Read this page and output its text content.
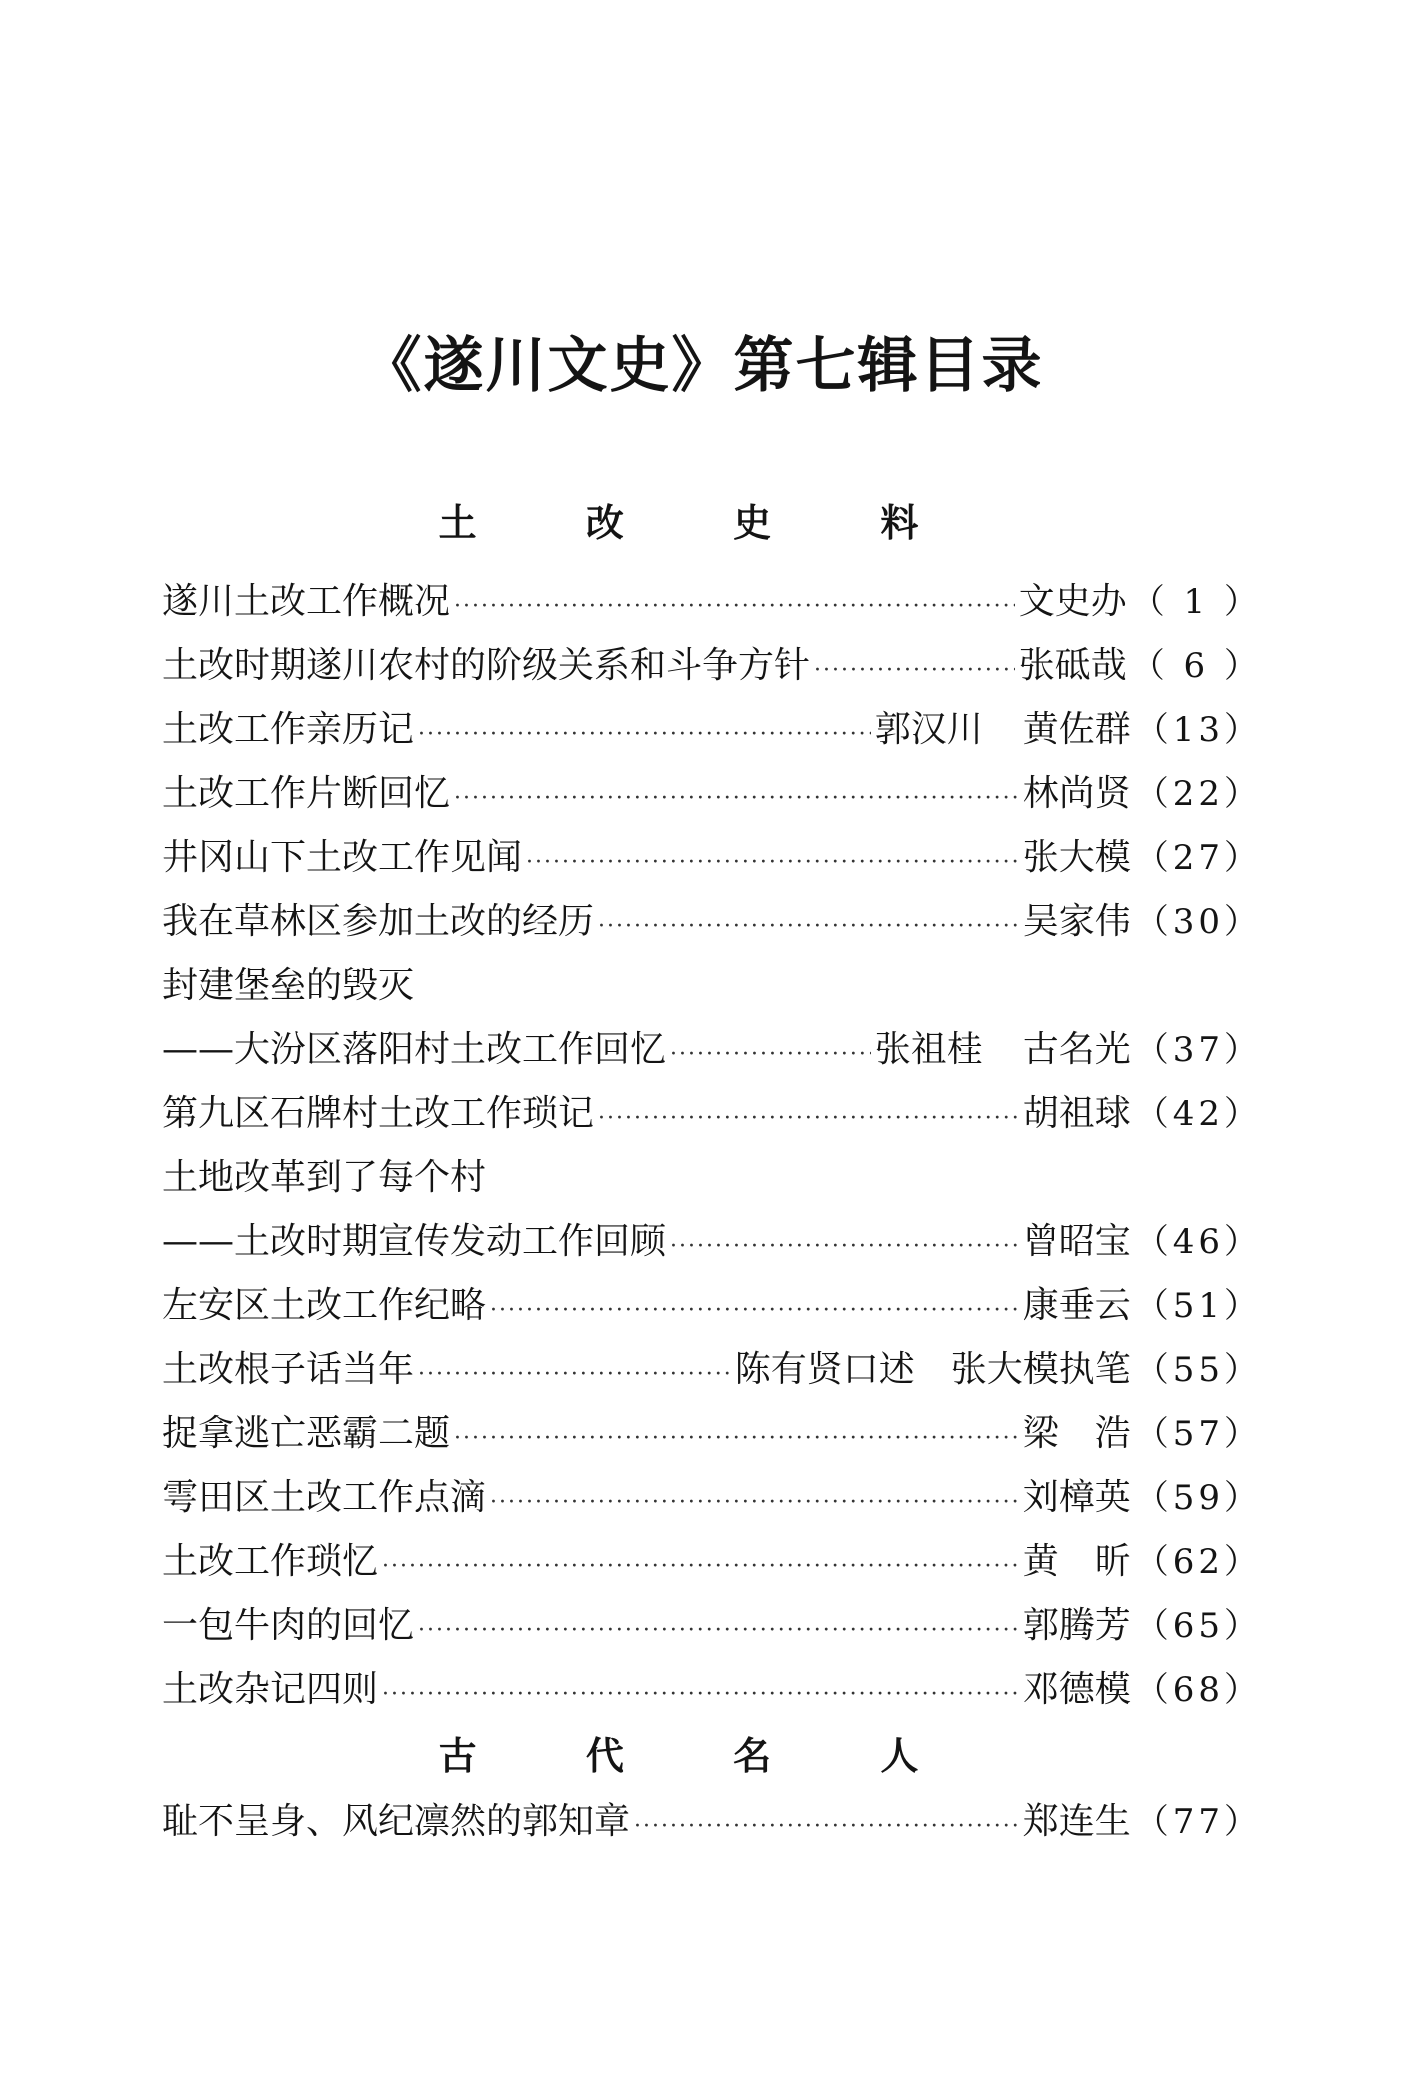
《遂川文史》第七辑目录
土 改 史 料
遂川土改工作概况 ·····	文史办 （ 1 ）
土改时期遂川农村的阶级关系和斗争方针 ·····	张砥哉 （ 6 ）
土改工作亲历记 ·····	郭汉川 黄佐群 （13）
土改工作片断回忆 ·····	林尚贤 （22）
井冈山下土改工作见闻 ·····	张大模 （27）
我在草林区参加土改的经历 ·····	吴家伟 （30）
封建堡垒的毁灭
——大汾区落阳村土改工作回忆 ·····	张祖桂 古名光 （37）
第九区石牌村土改工作琐记 ·····	胡祖球 （42）
土地改革到了每个村
——土改时期宣传发动工作回顾 ·····	曾昭宝 （46）
左安区土改工作纪略 ·····	康垂云 （51）
土改根子话当年 ·····	陈有贤口述 张大模执笔 （55）
捉拿逃亡恶霸二题 ·····	梁　浩 （57）
雩田区土改工作点滴 ·····	刘樟英 （59）
土改工作琐忆 ·····	黄　昕 （62）
一包牛肉的回忆 ·····	郭腾芳 （65）
土改杂记四则 ·····	邓德模 （68）
古 代 名 人
耻不呈身、风纪凛然的郭知章 ·····	郑连生 （77）
